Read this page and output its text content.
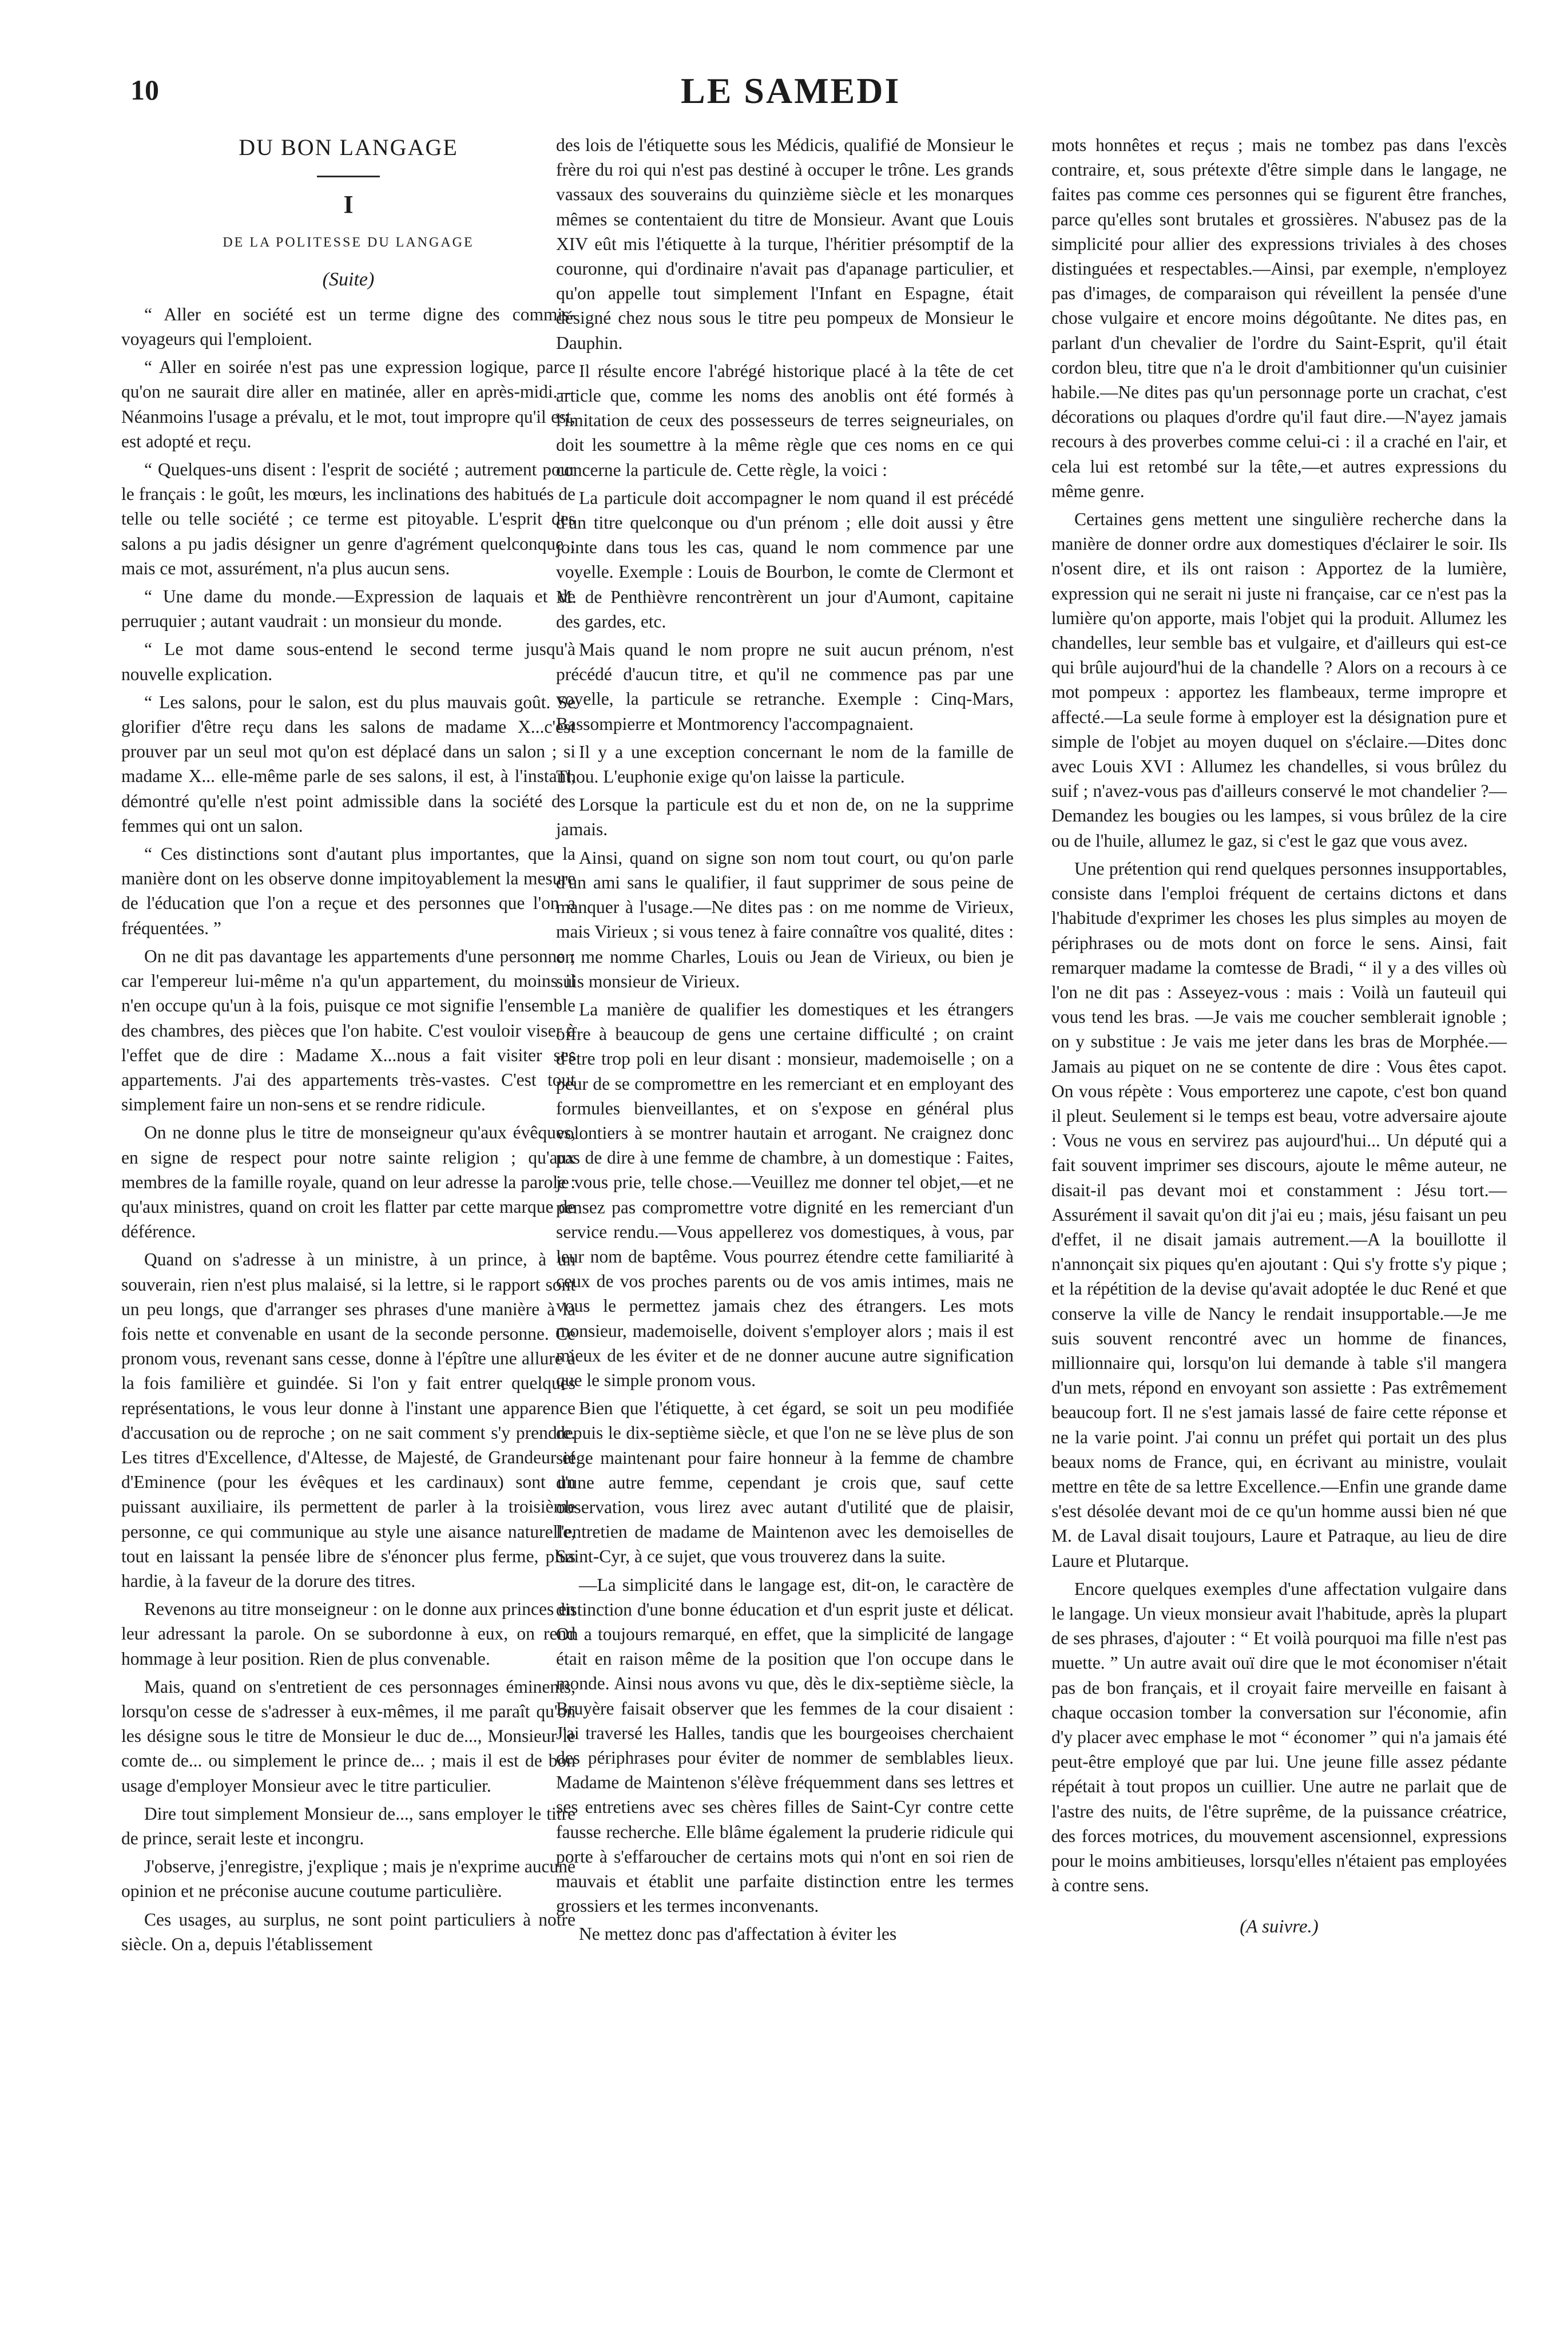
10	LE SAMEDI
DU BON LANGAGE
I
DE LA POLITESSE DU LANGAGE
(Suite)

“ Aller en société est un terme digne des commis-voyageurs qui l'emploient.

“ Aller en soirée n'est pas une expression logique, parce qu'on ne saurait dire aller en matinée, aller en après-midi.—Néanmoins l'usage a prévalu, et le mot, tout impropre qu'il est, est adopté et reçu.

“ Quelques-uns disent : l'esprit de société ; autrement pour le français : le goût, les mœurs, les inclinations des habitués de telle ou telle société ; ce terme est pitoyable. L'esprit des salons a pu jadis désigner un genre d'agrément quelconque ; mais ce mot, assurément, n'a plus aucun sens.

“ Une dame du monde.—Expression de laquais et de perruquier ; autant vaudrait : un monsieur du monde.

“ Le mot dame sous-entend le second terme jusqu'à nouvelle explication.

“ Les salons, pour le salon, est du plus mauvais goût. Se glorifier d'être reçu dans les salons de madame X...c'est prouver par un seul mot qu'on est déplacé dans un salon ; si madame X... elle-même parle de ses salons, il est, à l'instant, démontré qu'elle n'est point admissible dans la société des femmes qui ont un salon.

“ Ces distinctions sont d'autant plus importantes, que la manière dont on les observe donne impitoyablement la mesure de l'éducation que l'on a reçue et des personnes que l'on a fréquentées. ”

On ne dit pas davantage les appartements d'une personne ; car l'empereur lui-même n'a qu'un appartement, du moins il n'en occupe qu'un à la fois, puisque ce mot signifie l'ensemble des chambres, des pièces que l'on habite. C'est vouloir viser à l'effet que de dire : Madame X...nous a fait visiter ses appartements. J'ai des appartements très-vastes. C'est tout simplement faire un non-sens et se rendre ridicule.

On ne donne plus le titre de monseigneur qu'aux évêques, en signe de respect pour notre sainte religion ; qu'aux membres de la famille royale, quand on leur adresse la parole : qu'aux ministres, quand on croit les flatter par cette marque de déférence.

Quand on s'adresse à un ministre, à un prince, à un souverain, rien n'est plus malaisé, si la lettre, si le rapport sont un peu longs, que d'arranger ses phrases d'une manière à la fois nette et convenable en usant de la seconde personne. Ce pronom vous, revenant sans cesse, donne à l'épître une allure à la fois familière et guindée. Si l'on y fait entrer quelques représentations, le vous leur donne à l'instant une apparence d'accusation ou de reproche ; on ne sait comment s'y prendre. Les titres d'Excellence, d'Altesse, de Majesté, de Grandeur et d'Eminence (pour les évêques et les cardinaux) sont un puissant auxiliaire, ils permettent de parler à la troisième personne, ce qui communique au style une aisance naturelle, tout en laissant la pensée libre de s'énoncer plus ferme, plus hardie, à la faveur de la dorure des titres.

Revenons au titre monseigneur : on le donne aux princes en leur adressant la parole. On se subordonne à eux, on rend hommage à leur position. Rien de plus convenable.

Mais, quand on s'entretient de ces personnages éminents, lorsqu'on cesse de s'adresser à eux-mêmes, il me paraît qu'on les désigne sous le titre de Monsieur le duc de..., Monsieur le comte de... ou simplement le prince de... ; mais il est de bon usage d'employer Monsieur avec le titre particulier.

Dire tout simplement Monsieur de..., sans employer le titre de prince, serait leste et incongru.

J'observe, j'enregistre, j'explique ; mais je n'exprime aucune opinion et ne préconise aucune coutume particulière.

Ces usages, au surplus, ne sont point particuliers à notre siècle. On a, depuis l'établissement

des lois de l'étiquette sous les Médicis, qualifié de Monsieur le frère du roi qui n'est pas destiné à occuper le trône. Les grands vassaux des souverains du quinzième siècle et les monarques mêmes se contentaient du titre de Monsieur. Avant que Louis XIV eût mis l'étiquette à la turque, l'héritier présomptif de la couronne, qui d'ordinaire n'avait pas d'apanage particulier, et qu'on appelle tout simplement l'Infant en Espagne, était désigné chez nous sous le titre peu pompeux de Monsieur le Dauphin.

Il résulte encore l'abrégé historique placé à la tête de cet article que, comme les noms des anoblis ont été formés à l'imitation de ceux des possesseurs de terres seigneuriales, on doit les soumettre à la même règle que ces noms en ce qui concerne la particule de. Cette règle, la voici :

La particule doit accompagner le nom quand il est précédé d'un titre quelconque ou d'un prénom ; elle doit aussi y être jointe dans tous les cas, quand le nom commence par une voyelle. Exemple : Louis de Bourbon, le comte de Clermont et M. de Penthièvre rencontrèrent un jour d'Aumont, capitaine des gardes, etc.

Mais quand le nom propre ne suit aucun prénom, n'est précédé d'aucun titre, et qu'il ne commence pas par une voyelle, la particule se retranche. Exemple : Cinq-Mars, Bassompierre et Montmorency l'accompagnaient.

Il y a une exception concernant le nom de la famille de Thou. L'euphonie exige qu'on laisse la particule.

Lorsque la particule est du et non de, on ne la supprime jamais.

Ainsi, quand on signe son nom tout court, ou qu'on parle d'un ami sans le qualifier, il faut supprimer de sous peine de manquer à l'usage.—Ne dites pas : on me nomme de Virieux, mais Virieux ; si vous tenez à faire connaître vos qualité, dites : on me nomme Charles, Louis ou Jean de Virieux, ou bien je suis monsieur de Virieux.

La manière de qualifier les domestiques et les étrangers offre à beaucoup de gens une certaine difficulté ; on craint d'être trop poli en leur disant : monsieur, mademoiselle ; on a peur de se compromettre en les remerciant et en employant des formules bienveillantes, et on s'expose en général plus volontiers à se montrer hautain et arrogant. Ne craignez donc pas de dire à une femme de chambre, à un domestique : Faites, je vous prie, telle chose.—Veuillez me donner tel objet,—et ne pensez pas compromettre votre dignité en les remerciant d'un service rendu.—Vous appellerez vos domestiques, à vous, par leur nom de baptême. Vous pourrez étendre cette familiarité à ceux de vos proches parents ou de vos amis intimes, mais ne vous le permettez jamais chez des étrangers. Les mots monsieur, mademoiselle, doivent s'employer alors ; mais il est mieux de les éviter et de ne donner aucune autre signification que le simple pronom vous.

Bien que l'étiquette, à cet égard, se soit un peu modifiée depuis le dix-septième siècle, et que l'on ne se lève plus de son siége maintenant pour faire honneur à la femme de chambre d'une autre femme, cependant je crois que, sauf cette observation, vous lirez avec autant d'utilité que de plaisir, l'entretien de madame de Maintenon avec les demoiselles de Saint-Cyr, à ce sujet, que vous trouverez dans la suite.

—La simplicité dans le langage est, dit-on, le caractère de distinction d'une bonne éducation et d'un esprit juste et délicat. On a toujours remarqué, en effet, que la simplicité de langage était en raison même de la position que l'on occupe dans le monde. Ainsi nous avons vu que, dès le dix-septième siècle, la Bruyère faisait observer que les femmes de la cour disaient : J'ai traversé les Halles, tandis que les bourgeoises cherchaient des périphrases pour éviter de nommer de semblables lieux. Madame de Maintenon s'élève fréquemment dans ses lettres et ses entretiens avec ses chères filles de Saint-Cyr contre cette fausse recherche. Elle blâme également la pruderie ridicule qui porte à s'effaroucher de certains mots qui n'ont en soi rien de mauvais et établit une parfaite distinction entre les termes grossiers et les termes inconvenants.

Ne mettez donc pas d'affectation à éviter les

mots honnêtes et reçus ; mais ne tombez pas dans l'excès contraire, et, sous prétexte d'être simple dans le langage, ne faites pas comme ces personnes qui se figurent être franches, parce qu'elles sont brutales et grossières. N'abusez pas de la simplicité pour allier des expressions triviales à des choses distinguées et respectables.—Ainsi, par exemple, n'employez pas d'images, de comparaison qui réveillent la pensée d'une chose vulgaire et encore moins dégoûtante. Ne dites pas, en parlant d'un chevalier de l'ordre du Saint-Esprit, qu'il était cordon bleu, titre que n'a le droit d'ambitionner qu'un cuisinier habile.—Ne dites pas qu'un personnage porte un crachat, c'est décorations ou plaques d'ordre qu'il faut dire.—N'ayez jamais recours à des proverbes comme celui-ci : il a craché en l'air, et cela lui est retombé sur la tête,—et autres expressions du même genre.

Certaines gens mettent une singulière recherche dans la manière de donner ordre aux domestiques d'éclairer le soir. Ils n'osent dire, et ils ont raison : Apportez de la lumière, expression qui ne serait ni juste ni française, car ce n'est pas la lumière qu'on apporte, mais l'objet qui la produit. Allumez les chandelles, leur semble bas et vulgaire, et d'ailleurs qui est-ce qui brûle aujourd'hui de la chandelle ? Alors on a recours à ce mot pompeux : apportez les flambeaux, terme impropre et affecté.—La seule forme à employer est la désignation pure et simple de l'objet au moyen duquel on s'éclaire.—Dites donc avec Louis XVI : Allumez les chandelles, si vous brûlez du suif ; n'avez-vous pas d'ailleurs conservé le mot chandelier ?—Demandez les bougies ou les lampes, si vous brûlez de la cire ou de l'huile, allumez le gaz, si c'est le gaz que vous avez.

Une prétention qui rend quelques personnes insupportables, consiste dans l'emploi fréquent de certains dictons et dans l'habitude d'exprimer les choses les plus simples au moyen de périphrases ou de mots dont on force le sens. Ainsi, fait remarquer madame la comtesse de Bradi, “ il y a des villes où l'on ne dit pas : Asseyez-vous : mais : Voilà un fauteuil qui vous tend les bras. —Je vais me coucher semblerait ignoble ; on y substitue : Je vais me jeter dans les bras de Morphée.—Jamais au piquet on ne se contente de dire : Vous êtes capot. On vous répète : Vous emporterez une capote, c'est bon quand il pleut. Seulement si le temps est beau, votre adversaire ajoute : Vous ne vous en servirez pas aujourd'hui... Un député qui a fait souvent imprimer ses discours, ajoute le même auteur, ne disait-il pas devant moi et constamment : Jésu tort.—Assurément il savait qu'on dit j'ai eu ; mais, jésu faisant un peu d'effet, il ne disait jamais autrement.—A la bouillotte il n'annonçait six piques qu'en ajoutant : Qui s'y frotte s'y pique ; et la répétition de la devise qu'avait adoptée le duc René et que conserve la ville de Nancy le rendait insupportable.—Je me suis souvent rencontré avec un homme de finances, millionnaire qui, lorsqu'on lui demande à table s'il mangera d'un mets, répond en envoyant son assiette : Pas extrêmement beaucoup fort. Il ne s'est jamais lassé de faire cette réponse et ne la varie point. J'ai connu un préfet qui portait un des plus beaux noms de France, qui, en écrivant au ministre, voulait mettre en tête de sa lettre Excellence.—Enfin une grande dame s'est désolée devant moi de ce qu'un homme aussi bien né que M. de Laval disait toujours, Laure et Patraque, au lieu de dire Laure et Plutarque.

Encore quelques exemples d'une affectation vulgaire dans le langage. Un vieux monsieur avait l'habitude, après la plupart de ses phrases, d'ajouter : “ Et voilà pourquoi ma fille n'est pas muette. ” Un autre avait ouï dire que le mot économiser n'était pas de bon français, et il croyait faire merveille en faisant à chaque occasion tomber la conversation sur l'économie, afin d'y placer avec emphase le mot “ économer ” qui n'a jamais été peut-être employé que par lui. Une jeune fille assez pédante répétait à tout propos un cuillier. Une autre ne parlait que de l'astre des nuits, de l'être suprême, de la puissance créatrice, des forces motrices, du mouvement ascensionnel, expressions pour le moins ambitieuses, lorsqu'elles n'étaient pas employées à contre sens.

(A suivre.)
